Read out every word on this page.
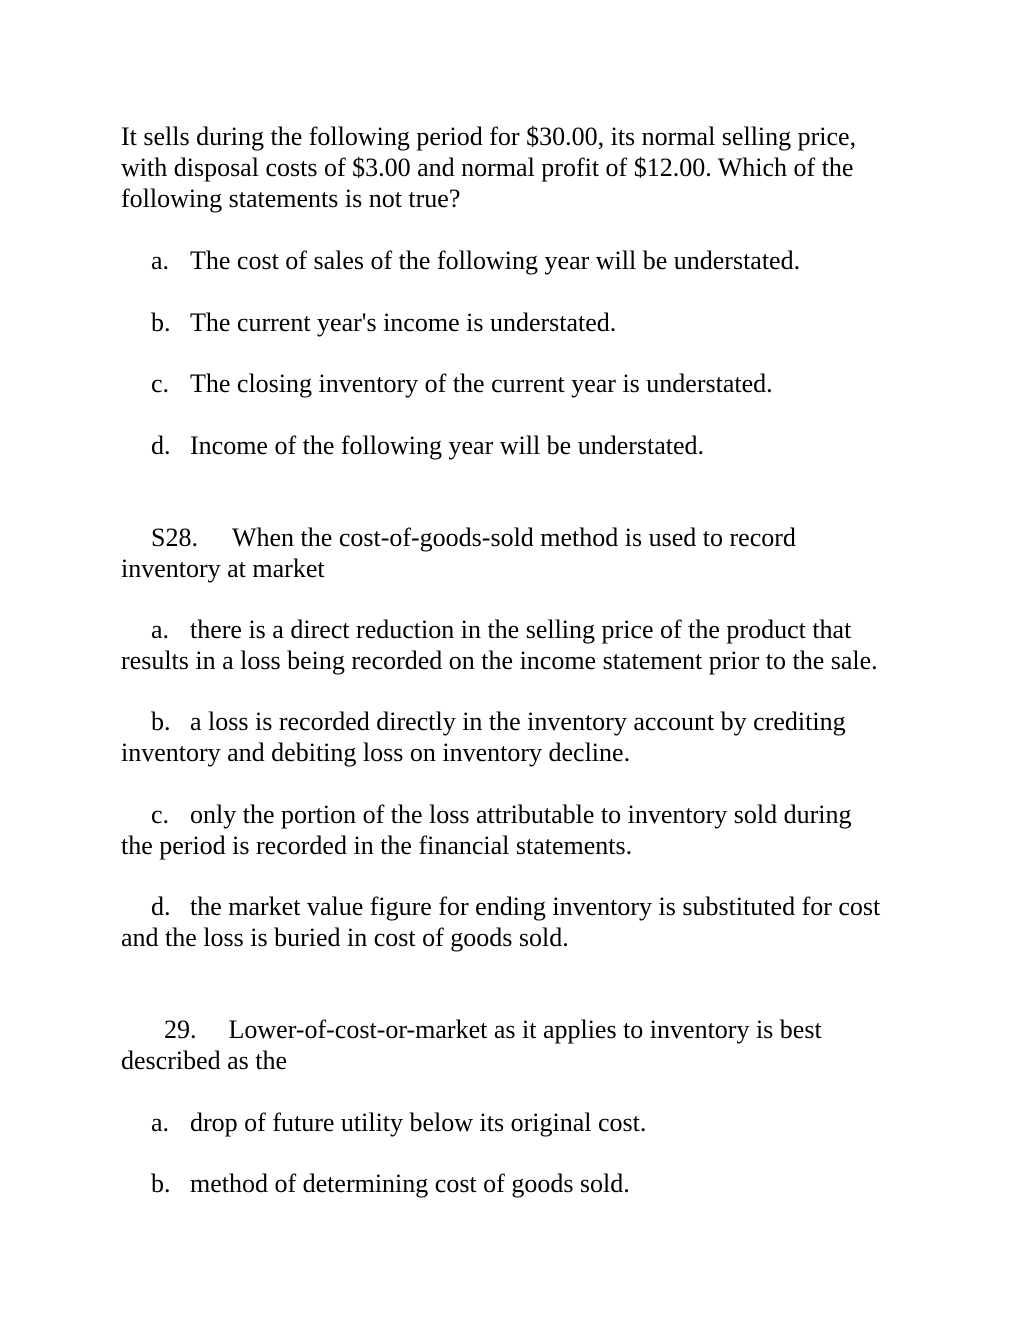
It sells during the following period for $30.00, its normal selling price,
with disposal costs of $3.00 and normal profit of $12.00. Which of the
following statements is not true?
a. The cost of sales of the following year will be understated.
b. The current year's income is understated.
c. The closing inventory of the current year is understated.
d. Income of the following year will be understated.
S28. When the cost-of-goods-sold method is used to record
inventory at market
a. there is a direct reduction in the selling price of the product that
results in a loss being recorded on the income statement prior to the sale.
b. a loss is recorded directly in the inventory account by crediting
inventory and debiting loss on inventory decline.
c. only the portion of the loss attributable to inventory sold during
the period is recorded in the financial statements.
d. the market value figure for ending inventory is substituted for cost
and the loss is buried in cost of goods sold.
29. Lower-of-cost-or-market as it applies to inventory is best
described as the
a. drop of future utility below its original cost.
b. method of determining cost of goods sold.
